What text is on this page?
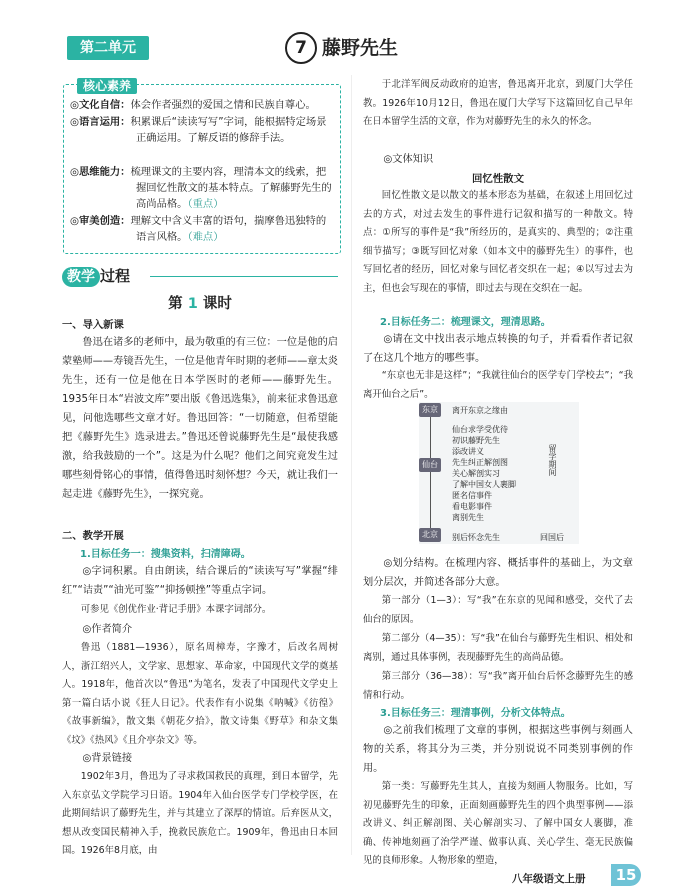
第二单元	7 藤野先生
核心素养
◎文化自信：体会作者强烈的爱国之情和民族自尊心。
◎语言运用：积累课后“读读写写”字词，能根据特定场景正确运用。了解反语的修辞手法。
◎思维能力：梳理课文的主要内容，理清本文的线索，把握回忆性散文的基本特点。了解藤野先生的高尚品格。（重点）
◎审美创造：理解文中含义丰富的语句，揣摩鲁迅独特的语言风格。（难点）
教学 过程
第 1 课时
一、导入新课
鲁迅在诸多的老师中，最为敬重的有三位：一位是他的启蒙塾师——寿镜吾先生，一位是他青年时期的老师——章太炎先生，还有一位是他在日本学医时的老师——藤野先生。1935年日本“岩波文库”要出版《鲁迅选集》，前来征求鲁迅意见，问他选哪些文章才好。鲁迅回答：“一切随意，但希望能把《藤野先生》选录进去。”鲁迅还曾说藤野先生是“最使我感激，给我鼓励的一个”。这是为什么呢？他们之间究竟发生过哪些刻骨铭心的事情，值得鲁迅时刻怀想？今天，就让我们一起走进《藤野先生》，一探究竟。
二、教学开展
1.目标任务一：搜集资料，扫清障碍。
◎字词积累。自由朗读，结合课后的“读读写写”掌握“绯红”“诘责”“油光可鉴”“抑扬顿挫”等重点字词。
可参见《创优作业·背记手册》本课字词部分。
◎作者简介
鲁迅（1881—1936），原名周樟寿，字豫才，后改名周树人，浙江绍兴人，文学家、思想家、革命家，中国现代文学的奠基人。1918年，他首次以“鲁迅”为笔名，发表了中国现代文学史上第一篇白话小说《狂人日记》。代表作有小说集《呐喊》《彷徨》《故事新编》，散文集《朝花夕拾》，散文诗集《野草》和杂文集《坟》《热风》《且介亭杂文》等。
◎背景链接
1902年3月，鲁迅为了寻求救国救民的真理，到日本留学，先入东京弘文学院学习日语。1904年入仙台医学专门学校学医，在此期间结识了藤野先生，并与其建立了深厚的情谊。后弃医从文，想从改变国民精神入手，挽救民族危亡。1909年，鲁迅由日本回国。1926年8月底，由
于北洋军阀反动政府的迫害，鲁迅离开北京，到厦门大学任教。1926年10月12日，鲁迅在厦门大学写下这篇回忆自己早年在日本留学生活的文章，作为对藤野先生的永久的怀念。
◎文体知识
回忆性散文
回忆性散文是以散文的基本形态为基础，在叙述上用回忆过去的方式，对过去发生的事件进行记叙和描写的一种散文。特点：①所写的事件是“我”所经历的，是真实的、典型的；②注重细节描写；③既写回忆对象（如本文中的藤野先生）的事件，也写回忆者的经历，回忆对象与回忆者交织在一起；④以写过去为主，但也会写现在的事情，即过去与现在交织在一起。
2.目标任务二：梳理课文，理清思路。
◎请在文中找出表示地点转换的句子，并看看作者记叙了在这几个地方的哪些事。
“东京也无非是这样”；“我就往仙台的医学专门学校去”；“我离开仙台之后”。
东京
仙台
北京
离开东京之缘由
仙台求学受优待
初识藤野先生
添改讲义
先生纠正解剖图
关心解剖实习
了解中国女人裹脚
匿名信事件
看电影事件
离别先生
别后怀念先生
留学期间
回国后
◎划分结构。在梳理内容、概括事件的基础上，为文章划分层次，并简述各部分大意。
第一部分（1—3）：写“我”在东京的见闻和感受，交代了去仙台的原因。
第二部分（4—35）：写“我”在仙台与藤野先生相识、相处和离别，通过具体事例，表现藤野先生的高尚品德。
第三部分（36—38）：写“我”离开仙台后怀念藤野先生的感情和行动。
3.目标任务三：理清事例，分析文体特点。
◎之前我们梳理了文章的事例，根据这些事例与刻画人物的关系，将其分为三类，并分别说说不同类别事例的作用。
第一类：写藤野先生其人，直接为刻画人物服务。比如，写初见藤野先生的印象，正面刻画藤野先生的四个典型事例——添改讲义、纠正解剖图、关心解剖实习、了解中国女人裹脚，准确、传神地刻画了治学严谨、做事认真、关心学生、毫无民族偏见的良师形象。人物形象的塑造，
八年级语文上册	15
